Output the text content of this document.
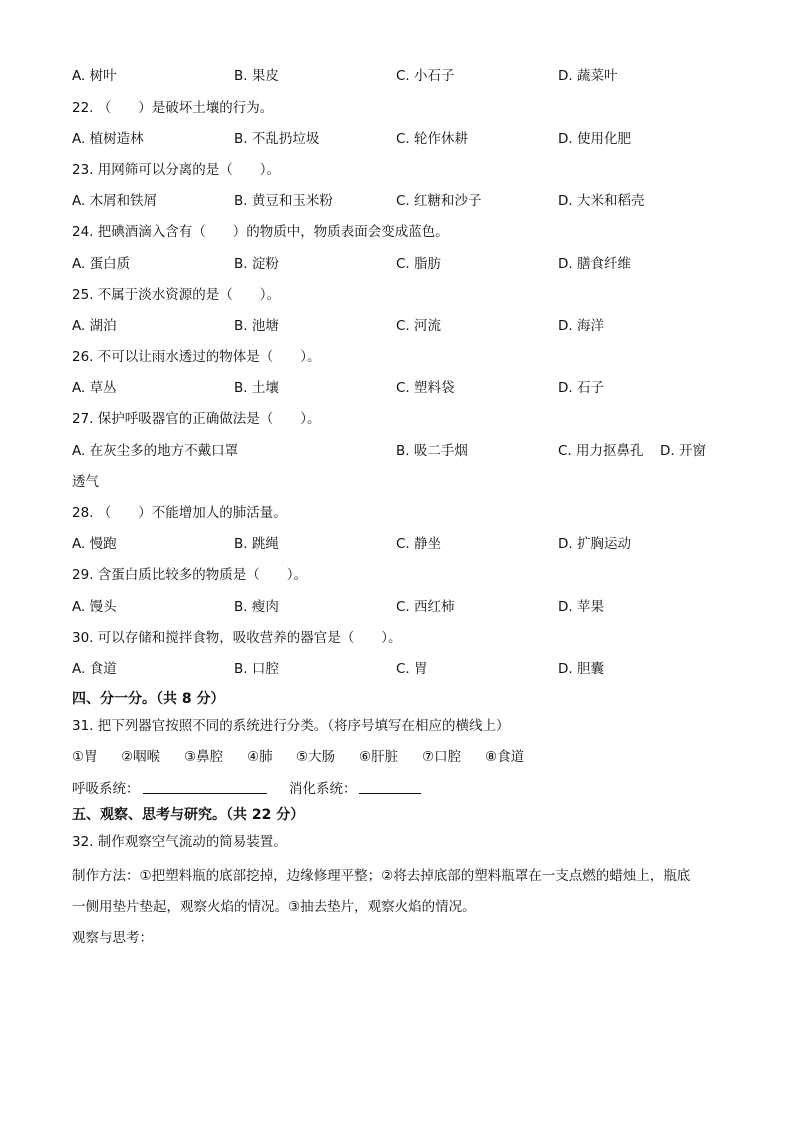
A. 树叶	B. 果皮	C. 小石子	D. 蔬菜叶
22. （　　）是破坏土壤的行为。
A. 植树造林	B. 不乱扔垃圾	C. 轮作休耕	D. 使用化肥
23. 用网筛可以分离的是（　　）。
A. 木屑和铁屑	B. 黄豆和玉米粉	C. 红糖和沙子	D. 大米和稻壳
24. 把碘酒滴入含有（　　）的物质中，物质表面会变成蓝色。
A. 蛋白质	B. 淀粉	C. 脂肪	D. 膳食纤维
25. 不属于淡水资源的是（　　）。
A. 湖泊	B. 池塘	C. 河流	D. 海洋
26. 不可以让雨水透过的物体是（　　）。
A. 草丛	B. 土壤	C. 塑料袋	D. 石子
27. 保护呼吸器官的正确做法是（　　）。
A. 在灰尘多的地方不戴口罩	B. 吸二手烟	C. 用力抠鼻孔 D. 开窗
透气
28. （　　）不能增加人的肺活量。
A. 慢跑	B. 跳绳	C. 静坐	D. 扩胸运动
29. 含蛋白质比较多的物质是（　　）。
A. 馒头	B. 瘦肉	C. 西红柿	D. 苹果
30. 可以存储和搅拌食物，吸收营养的器官是（　　）。
A. 食道	B. 口腔	C. 胃	D. 胆囊
四、分一分。（共 8 分）
31. 把下列器官按照不同的系统进行分类。（将序号填写在相应的横线上）
①胃 ②咽喉 ③鼻腔 ④肺 ⑤大肠 ⑥肝脏 ⑦口腔 ⑧食道
呼吸系统：	消化系统：
五、观察、思考与研究。（共 22 分）
32. 制作观察空气流动的简易装置。
制作方法：①把塑料瓶的底部挖掉，边缘修理平整；②将去掉底部的塑料瓶罩在一支点燃的蜡烛上，瓶底
一侧用垫片垫起，观察火焰的情况。③抽去垫片，观察火焰的情况。
观察与思考：
